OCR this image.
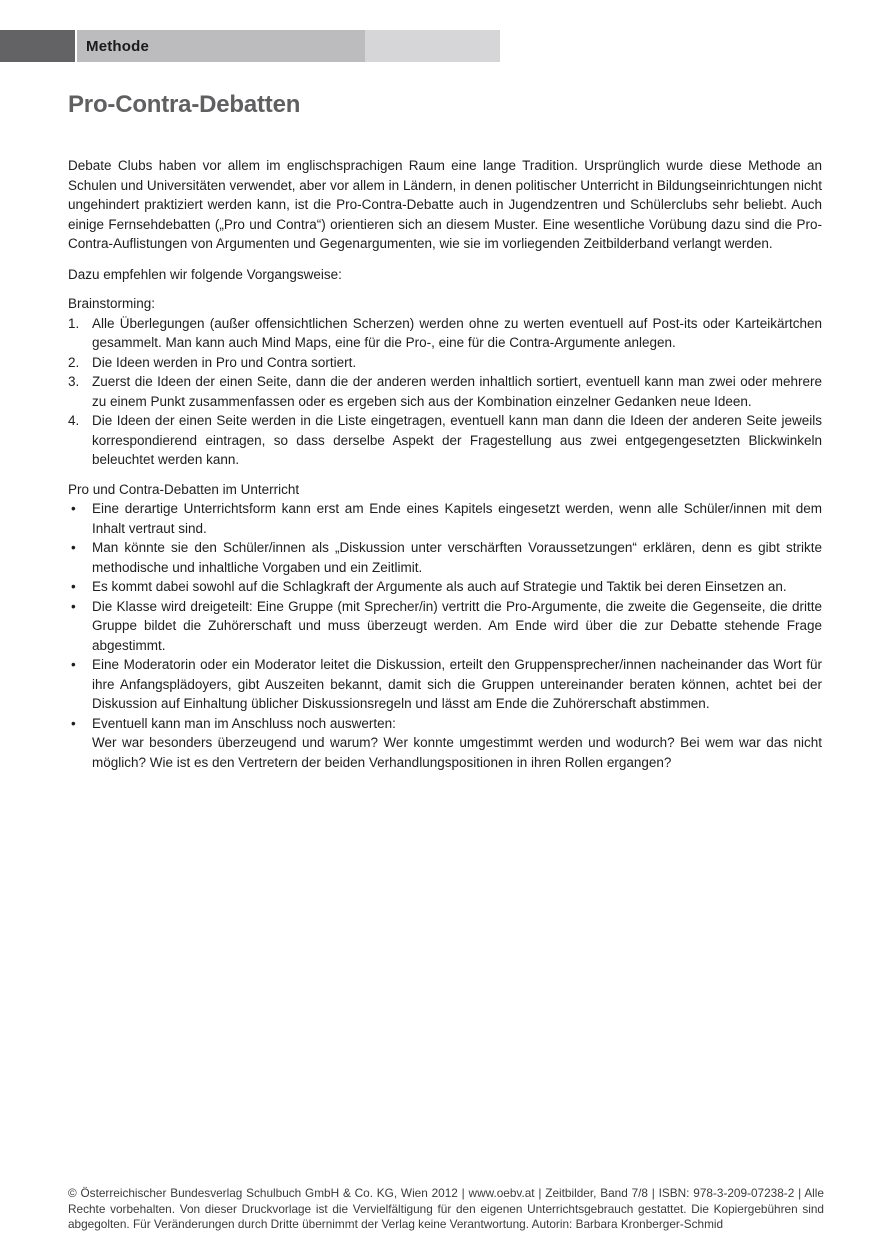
Methode
Pro-Contra-Debatten

Debate Clubs haben vor allem im englischsprachigen Raum eine lange Tradition. Ursprünglich wurde diese Methode an Schulen und Universitäten verwendet, aber vor allem in Ländern, in denen politischer Unterricht in Bildungseinrichtungen nicht ungehindert praktiziert werden kann, ist die Pro-Contra-Debatte auch in Jugendzentren und Schülerclubs sehr beliebt. Auch einige Fernsehdebatten („Pro und Contra“) orientieren sich an diesem Muster. Eine wesentliche Vorübung dazu sind die Pro-Contra-Auflistungen von Argumenten und Gegenargumenten, wie sie im vorliegenden Zeitbilderband verlangt werden.

Dazu empfehlen wir folgende Vorgangsweise:

Brainstorming:

Alle Überlegungen (außer offensichtlichen Scherzen) werden ohne zu werten eventuell auf Post-its oder Karteikärtchen gesammelt. Man kann auch Mind Maps, eine für die Pro-, eine für die Contra-Argumente anlegen.
Die Ideen werden in Pro und Contra sortiert.
Zuerst die Ideen der einen Seite, dann die der anderen werden inhaltlich sortiert, eventuell kann man zwei oder mehrere zu einem Punkt zusammenfassen oder es ergeben sich aus der Kombination einzelner Gedanken neue Ideen.
Die Ideen der einen Seite werden in die Liste eingetragen, eventuell kann man dann die Ideen der anderen Seite jeweils korrespondierend eintragen, so dass derselbe Aspekt der Fragestellung aus zwei entgegengesetzten Blickwinkeln beleuchtet werden kann.

Pro und Contra-Debatten im Unterricht

• Eine derartige Unterrichtsform kann erst am Ende eines Kapitels eingesetzt werden, wenn alle Schüler/innen mit dem Inhalt vertraut sind.
• Man könnte sie den Schüler/innen als „Diskussion unter verschärften Voraussetzungen“ erklären, denn es gibt strikte methodische und inhaltliche Vorgaben und ein Zeitlimit.
• Es kommt dabei sowohl auf die Schlagkraft der Argumente als auch auf Strategie und Taktik bei deren Einsetzen an.
• Die Klasse wird dreigeteilt: Eine Gruppe (mit Sprecher/in) vertritt die Pro-Argumente, die zweite die Gegenseite, die dritte Gruppe bildet die Zuhörerschaft und muss überzeugt werden. Am Ende wird über die zur Debatte stehende Frage abgestimmt.
• Eine Moderatorin oder ein Moderator leitet die Diskussion, erteilt den Gruppensprecher/innen nacheinander das Wort für ihre Anfangsplädoyers, gibt Auszeiten bekannt, damit sich die Gruppen untereinander beraten können, achtet bei der Diskussion auf Einhaltung üblicher Diskussionsregeln und lässt am Ende die Zuhörerschaft abstimmen.
• Eventuell kann man im Anschluss noch auswerten:
Wer war besonders überzeugend und warum? Wer konnte umgestimmt werden und wodurch? Bei wem war das nicht möglich? Wie ist es den Vertretern der beiden Verhandlungspositionen in ihren Rollen ergangen?

© Österreichischer Bundesverlag Schulbuch GmbH & Co. KG, Wien 2012 | www.oebv.at | Zeitbilder, Band 7/8 | ISBN: 978-3-209-07238-2 | Alle Rechte vorbehalten. Von dieser Druckvorlage ist die Vervielfältigung für den eigenen Unterrichtsgebrauch gestattet. Die Kopiergebühren sind abgegolten. Für Veränderungen durch Dritte übernimmt der Verlag keine Verantwortung. Autorin: Barbara Kronberger-Schmid
